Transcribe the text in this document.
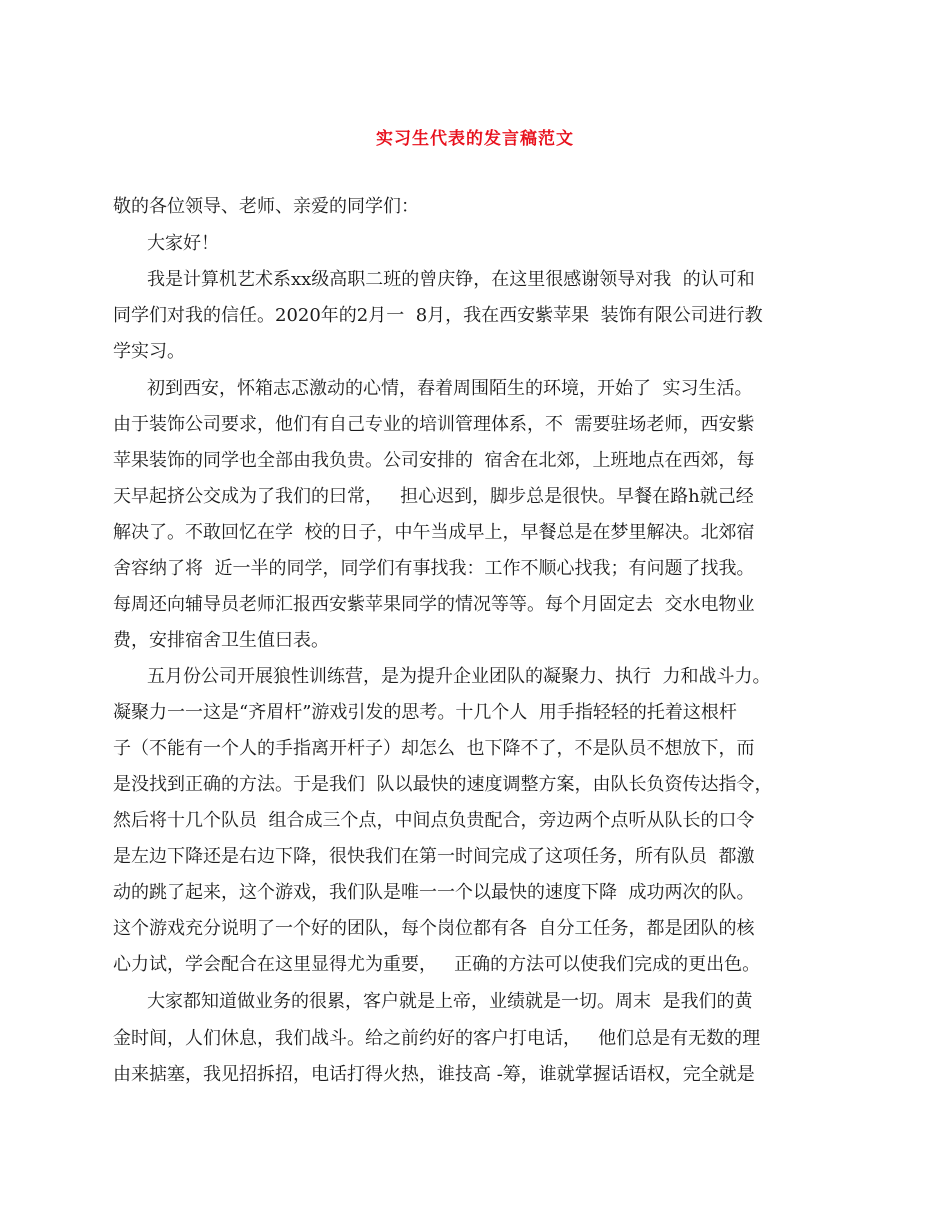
实习生代表的发言稿范文
敬的各位领导、老师、亲爱的同学们：
大家好！
我是计算机艺术系xx级高职二班的曾庆铮，在这里很感谢领导对我  的认可和
同学们对我的信任。2020年的2月一  8月，我在西安紫苹果  装饰有限公司进行教
学实习。
初到西安，怀箱志忑激动的心情，舂着周围陌生的环境，开始了  实习生活。
由于装饰公司要求，他们有自己专业的培训管理体系，不  需要驻场老师，西安紫
苹果装饰的同学也全部由我负贵。公司安排的  宿舍在北郊，上班地点在西郊，每
天早起挤公交成为了我们的曰常，   担心迟到，脚步总是很快。早餐在路h就己经
解决了。不敢回忆在学  校的日子，中午当成早上，早餐总是在梦里解决。北郊宿
舍容纳了将  近一半的同学，同学们有事找我：工作不顺心找我；有问题了找我。
每周还向辅导员老师汇报西安紫苹果同学的情况等等。每个月固定去  交水电物业
费，安排宿舍卫生值曰表。
五月份公司开展狼性训练营，是为提升企业团队的凝聚力、执行  力和战斗力。
凝聚力一一这是“齐眉杆”游戏引发的思考。十几个人  用手指轻轻的托着这根杆
子（不能有一个人的手指离开杆子）却怎么  也下降不了，不是队员不想放下，而
是没找到正确的方法。于是我们  队以最快的速度调整方案，由队长负资传达指令，
然后将十几个队员  组合成三个点，中间点负贵配合，旁边两个点听从队长的口令
是左边下降还是右边下降，很快我们在第一时间完成了这项任务，所有队员  都激
动的跳了起来，这个游戏，我们队是唯一一个以最快的速度下降  成功两次的队。
这个游戏充分说明了一个好的团队，每个岗位都有各  自分工任务，都是团队的核
心力试，学会配合在这里显得尤为重要，   正确的方法可以使我们完成的更出色。
大家都知道做业务的很累，客户就是上帝，业绩就是一切。周末  是我们的黄
金时间，人们休息，我们战斗。给之前约好的客户打电话，   他们总是有无数的理
由来掂塞，我见招拆招，电话打得火热，谁技高 -筹，谁就掌握话语权，完全就是
